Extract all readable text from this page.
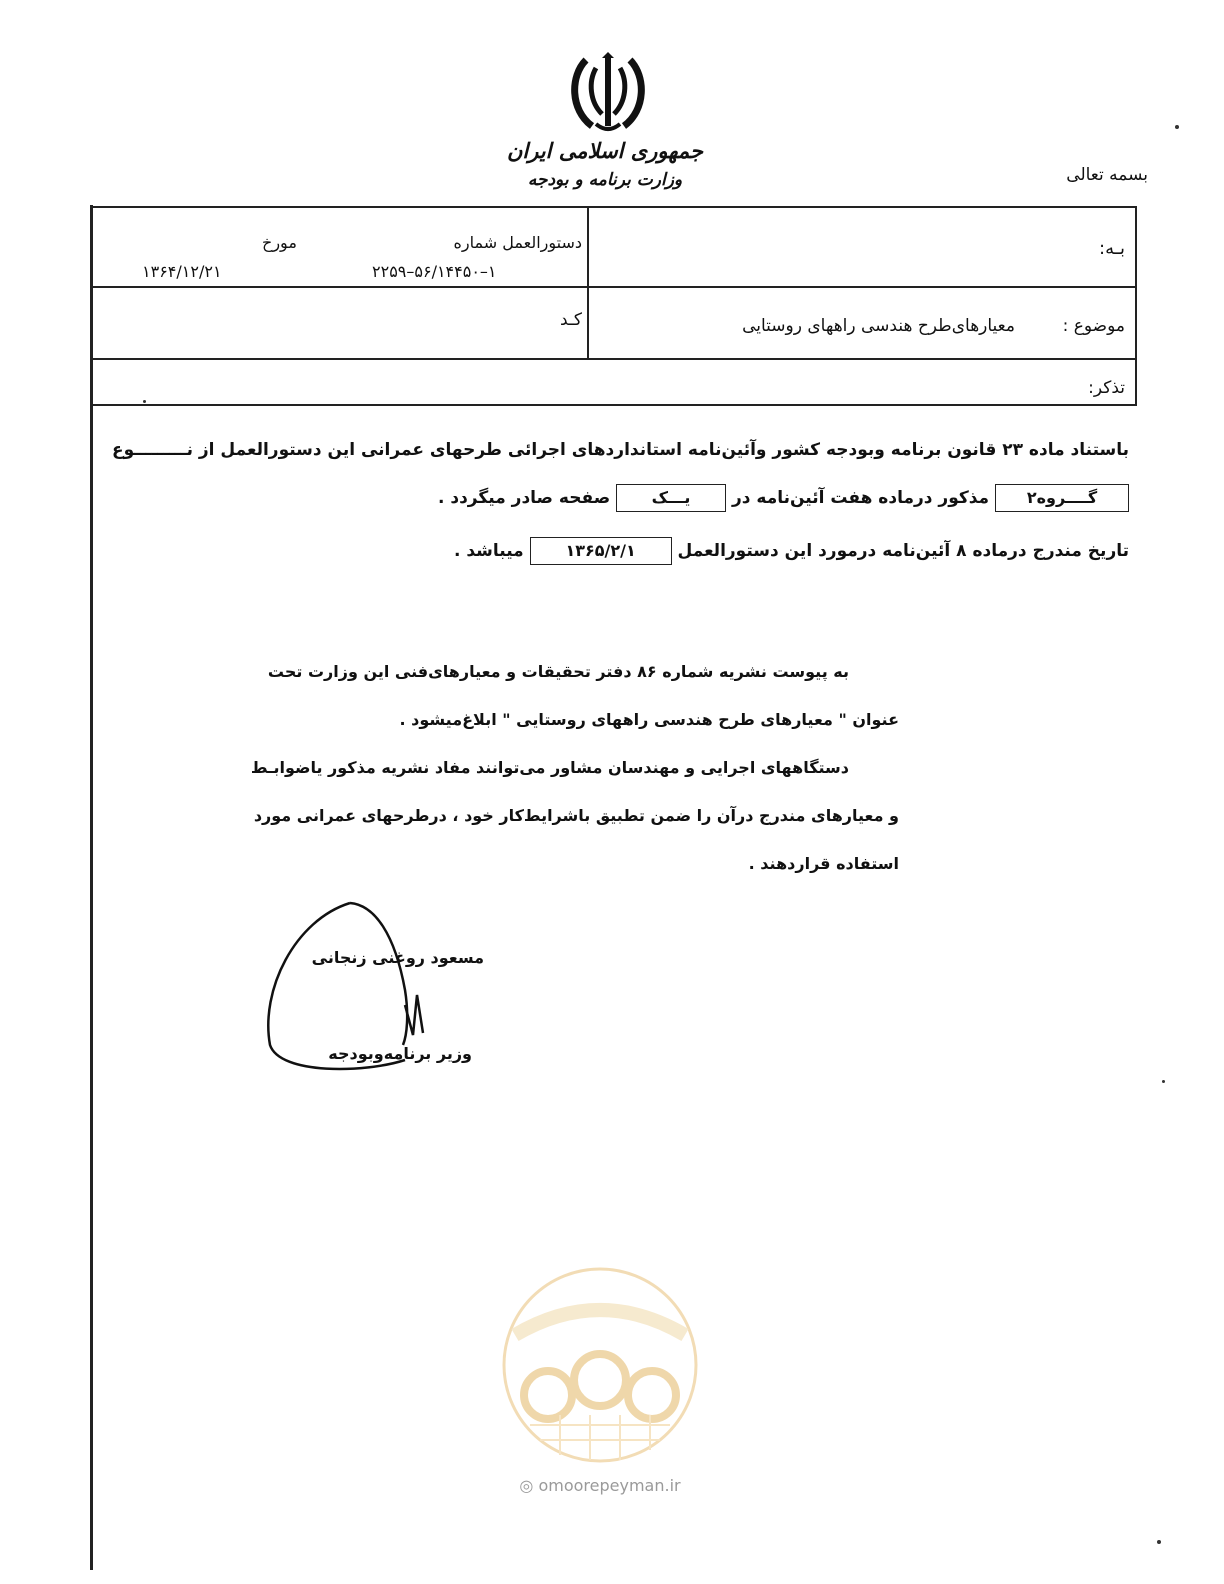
جمهوری اسلامی ایران
وزارت برنامه و بودجه	بسمه تعالی
بـه:
دستورالعمل شماره
۲۲۵۹–۵۶/۱۴۴۵۰–۱
مورخ
۱۳۶۴/۱۲/۲۱
موضوع :
معیارهای‌طرح هندسی راههای روستایی
کـد
تذکر:
باستناد ماده ۲۳ قانون برنامه وبودجه کشور وآئین‌نامه استانداردهای اجرائی طرحهای عمرانی این دستورالعمل از نـــــــــوع
گــــروه۲ مذکور درماده هفت آئین‌نامه در یـــک صفحه صادر میگردد .
تاریخ مندرج درماده ۸ آئین‌نامه درمورد این دستورالعمل ۱۳۶۵/۲/۱ میباشد .
به پیوست نشریه شماره ۸۶ دفتر تحقیقات و معیارهای‌فنی این وزارت تحت
عنوان " معیارهای طرح هندسی راههای روستایی " ابلاغ‌میشود .
دستگاههای اجرایی و مهندسان مشاور می‌توانند مفاد نشریه مذکور یاضوابـط
و معیارهای مندرج درآن را ضمن تطبیق باشرایط‌کار خود ، درطرحهای عمرانی مورد
استفاده قراردهند .
مسعود روغنی زنجانی
وزیر برنامه‌وبودجه
◎ omoorepeyman.ir
